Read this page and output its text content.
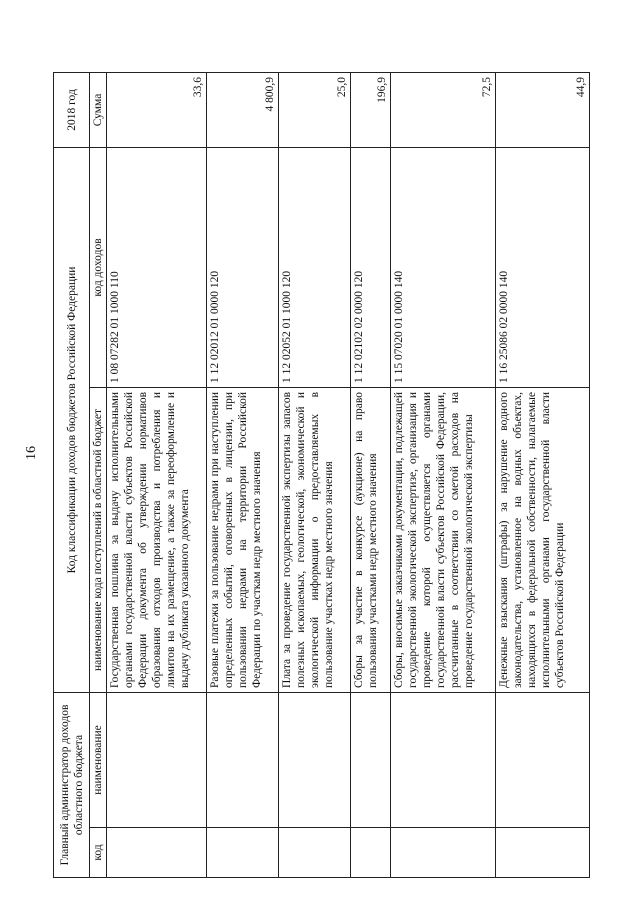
16
Главный администратор доходов областного бюджета		Код классификации доходов бюджетов Российской Федерации		2018 год
код	наименование	наименование кода поступлений в областной бюджет	код доходов	Сумма
		Государственная пошлина за выдачу исполнительными органами государственной власти субъектов Российской Федерации документа об утверждении нормативов образования отходов производства и потребления и лимитов на их размещение, а также за переоформление и выдачу дубликата указанного документа	1 08 07282 01 1000 110	33,6
		Разовые платежи за пользование недрами при наступлении определенных событий, оговоренных в лицензии, при пользовании недрами на территории Российской Федерации по участкам недр местного значения	1 12 02012 01 0000 120	4 800,9
		Плата за проведение государственной экспертизы запасов полезных ископаемых, геологической, экономической и экологической информации о предоставляемых в пользование участках недр местного значения	1 12 02052 01 1000 120	25,0
		Сборы за участие в конкурсе (аукционе) на право пользования участками недр местного значения	1 12 02102 02 0000 120	196,9
		Сборы, вносимые заказчиками документации, подлежащей государственной экологической экспертизе, организация и проведение которой осуществляется органами государственной власти субъектов Российской Федерации, рассчитанные в соответствии со сметой расходов на проведение государственной экологической экспертизы	1 15 07020 01 0000 140	72,5
		Денежные взыскания (штрафы) за нарушение водного законодательства, установленное на водных объектах, находящихся в федеральной собственности, налагаемые исполнительными органами государственной власти субъектов Российской Федерации	1 16 25086 02 0000 140	44,9
